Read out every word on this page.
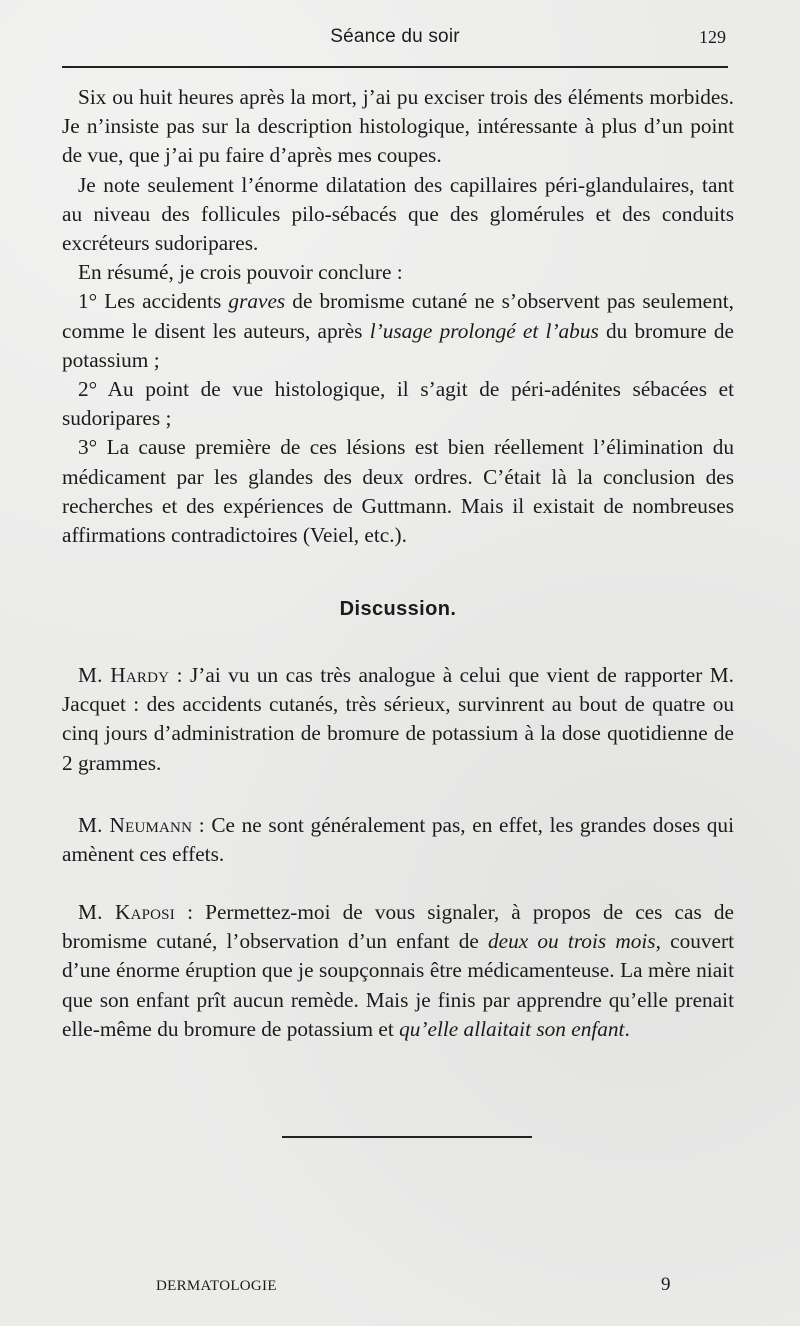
Séance du soir	129

Six ou huit heures après la mort, j’ai pu exciser trois des éléments morbides. Je n’insiste pas sur la description histologique, intéressante à plus d’un point de vue, que j’ai pu faire d’après mes coupes.

Je note seulement l’énorme dilatation des capillaires péri-glandulaires, tant au niveau des follicules pilo-sébacés que des glomérules et des conduits excréteurs sudoripares.

En résumé, je crois pouvoir conclure :

1° Les accidents graves de bromisme cutané ne s’observent pas seulement, comme le disent les auteurs, après l’usage prolongé et l’abus du bromure de potassium ;

2° Au point de vue histologique, il s’agit de péri-adénites sébacées et sudoripares ;

3° La cause première de ces lésions est bien réellement l’élimination du médicament par les glandes des deux ordres. C’était là la conclusion des recherches et des expériences de Guttmann. Mais il existait de nombreuses affirmations contradictoires (Veiel, etc.).

Discussion.

M. Hardy : J’ai vu un cas très analogue à celui que vient de rapporter M. Jacquet : des accidents cutanés, très sérieux, survinrent au bout de quatre ou cinq jours d’administration de bromure de potassium à la dose quotidienne de 2 grammes.

M. Neumann : Ce ne sont généralement pas, en effet, les grandes doses qui amènent ces effets.

M. Kaposi : Permettez-moi de vous signaler, à propos de ces cas de bromisme cutané, l’observation d’un enfant de deux ou trois mois, couvert d’une énorme éruption que je soupçonnais être médicamenteuse. La mère niait que son enfant prît aucun remède. Mais je finis par apprendre qu’elle prenait elle-même du bromure de potassium et qu’elle allaitait son enfant.

DERMATOLOGIE	9
